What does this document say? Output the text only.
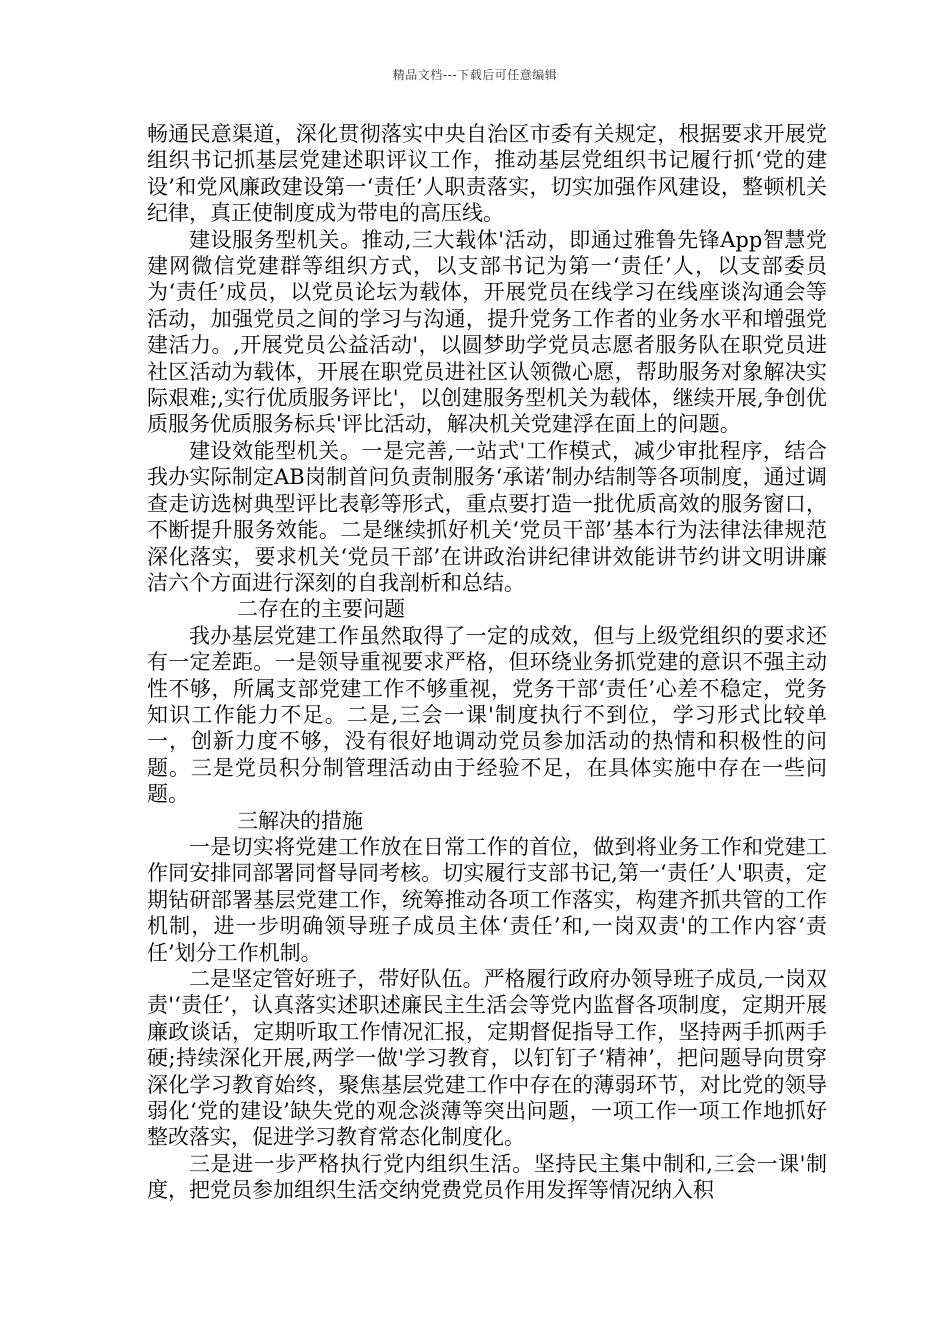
精品文档---下载后可任意编辑

畅通民意渠道，深化贯彻落实中央自治区市委有关规定，根据要求开展党组织书记抓基层党建述职评议工作，推动基层党组织书记履行抓‘党的建设’和党风廉政建设第一‘责任’人职责落实，切实加强作风建设，整顿机关纪律，真正使制度成为带电的高压线。

建设服务型机关。推动,三大载体'活动，即通过雅鲁先锋App智慧党建网微信党建群等组织方式，以支部书记为第一‘责任’人，以支部委员为‘责任’成员，以党员论坛为载体，开展党员在线学习在线座谈沟通会等活动，加强党员之间的学习与沟通，提升党务工作者的业务水平和增强党建活力。,开展党员公益活动'，以圆梦助学党员志愿者服务队在职党员进社区活动为载体，开展在职党员进社区认领微心愿，帮助服务对象解决实际艰难;,实行优质服务评比'，以创建服务型机关为载体，继续开展,争创优质服务优质服务标兵'评比活动，解决机关党建浮在面上的问题。

建设效能型机关。一是完善,一站式'工作模式，减少审批程序，结合我办实际制定AB岗制首问负责制服务‘承诺’制办结制等各项制度，通过调查走访选树典型评比表彰等形式，重点要打造一批优质高效的服务窗口，不断提升服务效能。二是继续抓好机关‘党员干部’基本行为法律法律规范深化落实，要求机关‘党员干部’在讲政治讲纪律讲效能讲节约讲文明讲廉洁六个方面进行深刻的自我剖析和总结。

二存在的主要问题

我办基层党建工作虽然取得了一定的成效，但与上级党组织的要求还有一定差距。一是领导重视要求严格，但环绕业务抓党建的意识不强主动性不够，所属支部党建工作不够重视，党务干部‘责任’心差不稳定，党务知识工作能力不足。二是,三会一课'制度执行不到位，学习形式比较单一，创新力度不够，没有很好地调动党员参加活动的热情和积极性的问题。三是党员积分制管理活动由于经验不足，在具体实施中存在一些问题。

三解决的措施

一是切实将党建工作放在日常工作的首位，做到将业务工作和党建工作同安排同部署同督导同考核。切实履行支部书记,第一‘责任’人'职责，定期钻研部署基层党建工作，统筹推动各项工作落实，构建齐抓共管的工作机制，进一步明确领导班子成员主体‘责任’和,一岗双责'的工作内容‘责任’划分工作机制。

二是坚定管好班子，带好队伍。严格履行政府办领导班子成员,一岗双责'‘责任’，认真落实述职述廉民主生活会等党内监督各项制度，定期开展廉政谈话，定期听取工作情况汇报，定期督促指导工作，坚持两手抓两手硬;持续深化开展,两学一做'学习教育，以钉钉子‘精神’，把问题导向贯穿深化学习教育始终，聚焦基层党建工作中存在的薄弱环节，对比党的领导弱化‘党的建设’缺失党的观念淡薄等突出问题，一项工作一项工作地抓好整改落实，促进学习教育常态化制度化。

三是进一步严格执行党内组织生活。坚持民主集中制和,三会一课'制度，把党员参加组织生活交纳党费党员作用发挥等情况纳入积
